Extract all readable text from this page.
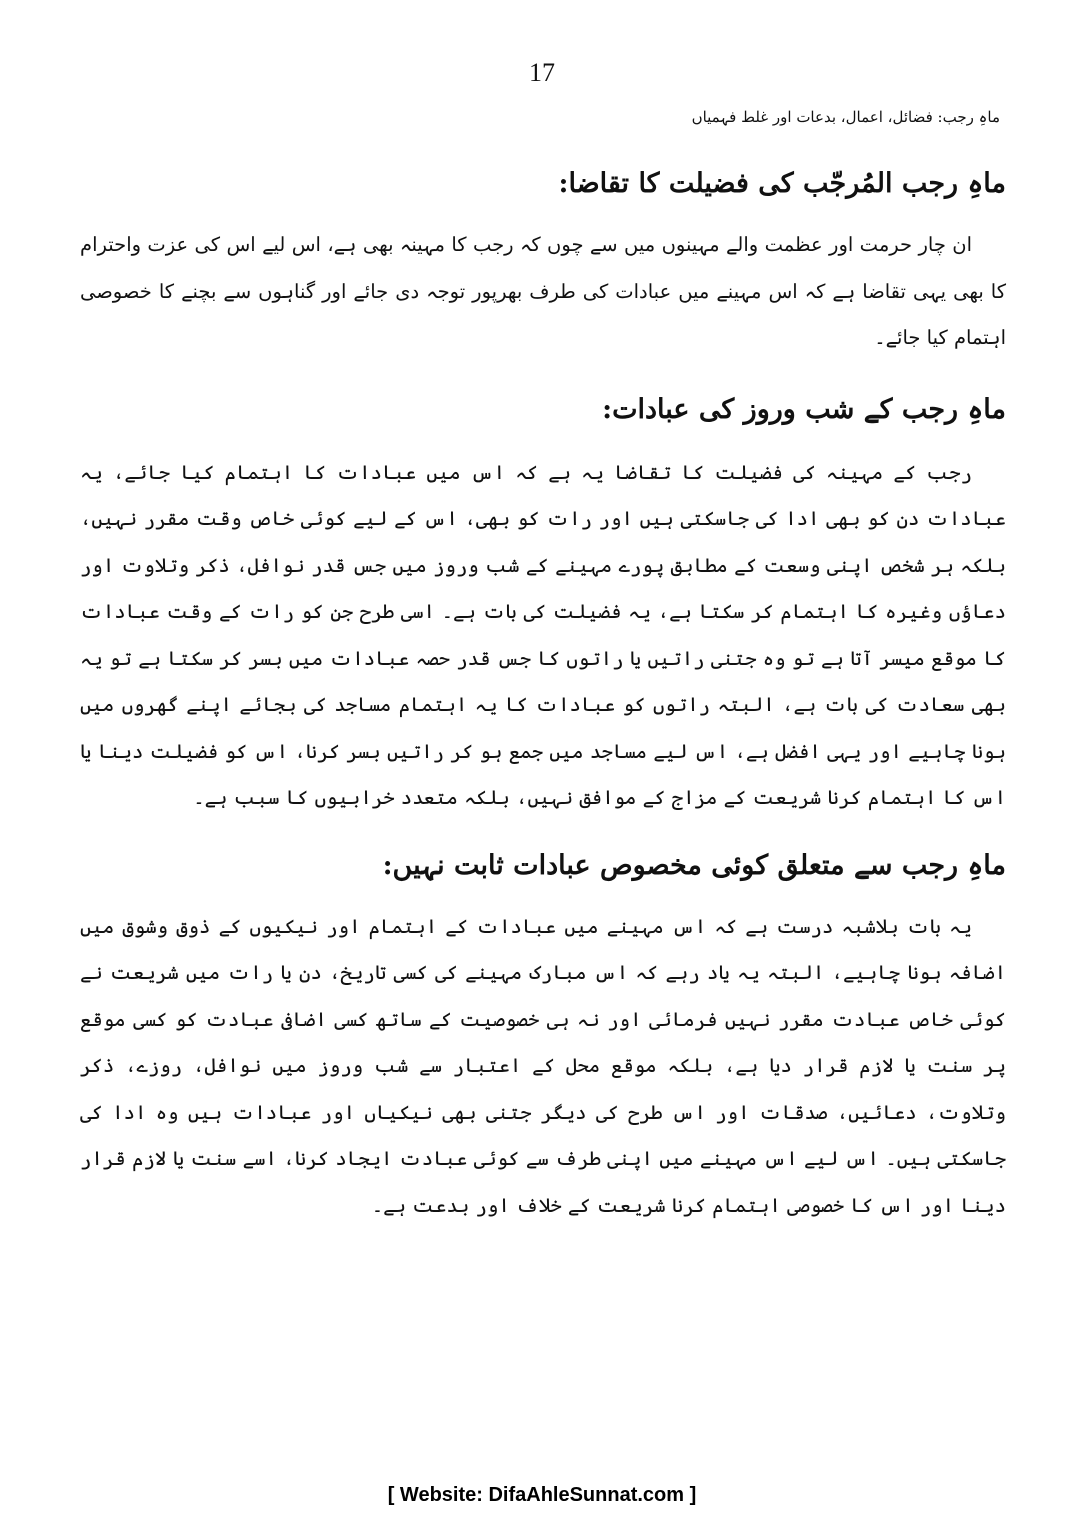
17
ماہِ رجب: فضائل، اعمال، بدعات اور غلط فہمیاں
ماہِ رجب المُرجّب کی فضیلت کا تقاضا:

ان چار حرمت اور عظمت والے مہینوں میں سے چوں کہ رجب کا مہینہ بھی ہے، اس لیے اس کی عزت واحترام کا بھی یہی تقاضا ہے کہ اس مہینے میں عبادات کی طرف بھرپور توجہ دی جائے اور گناہوں سے بچنے کا خصوصی اہتمام کیا جائے۔

ماہِ رجب کے شب وروز کی عبادات:

رجب کے مہینہ کی فضیلت کا تقاضا یہ ہے کہ اس میں عبادات کا اہتمام کیا جائے، یہ عبادات دن کو بھی ادا کی جاسکتی ہیں اور رات کو بھی، اس کے لیے کوئی خاص وقت مقرر نہیں، بلکہ ہر شخص اپنی وسعت کے مطابق پورے مہینے کے شب وروز میں جس قدر نوافل، ذکر وتلاوت اور دعاؤں وغیرہ کا اہتمام کر سکتا ہے، یہ فضیلت کی بات ہے۔ اسی طرح جن کو رات کے وقت عبادات کا موقع میسر آتا ہے تو وہ جتنی راتیں یا راتوں کا جس قدر حصہ عبادات میں بسر کر سکتا ہے تو یہ بھی سعادت کی بات ہے، البتہ راتوں کو عبادات کا یہ اہتمام مساجد کی بجائے اپنے گھروں میں ہونا چاہیے اور یہی افضل ہے، اس لیے مساجد میں جمع ہو کر راتیں بسر کرنا، اس کو فضیلت دینا یا اس کا اہتمام کرنا شریعت کے مزاج کے موافق نہیں، بلکہ متعدد خرابیوں کا سبب ہے۔

ماہِ رجب سے متعلق کوئی مخصوص عبادات ثابت نہیں:

یہ بات بلاشبہ درست ہے کہ اس مہینے میں عبادات کے اہتمام اور نیکیوں کے ذوق وشوق میں اضافہ ہونا چاہیے، البتہ یہ یاد رہے کہ اس مبارک مہینے کی کسی تاریخ، دن یا رات میں شریعت نے کوئی خاص عبادت مقرر نہیں فرمائی اور نہ ہی خصوصیت کے ساتھ کسی اضافی عبادت کو کسی موقع پر سنت یا لازم قرار دیا ہے، بلکہ موقع محل کے اعتبار سے شب وروز میں نوافل، روزے، ذکر وتلاوت، دعائیں، صدقات اور اس طرح کی دیگر جتنی بھی نیکیاں اور عبادات ہیں وہ ادا کی جاسکتی ہیں۔ اس لیے اس مہینے میں اپنی طرف سے کوئی عبادت ایجاد کرنا، اسے سنت یا لازم قرار دینا اور اس کا خصوصی اہتمام کرنا شریعت کے خلاف اور بدعت ہے۔

[ Website: DifaAhleSunnat.com ]
